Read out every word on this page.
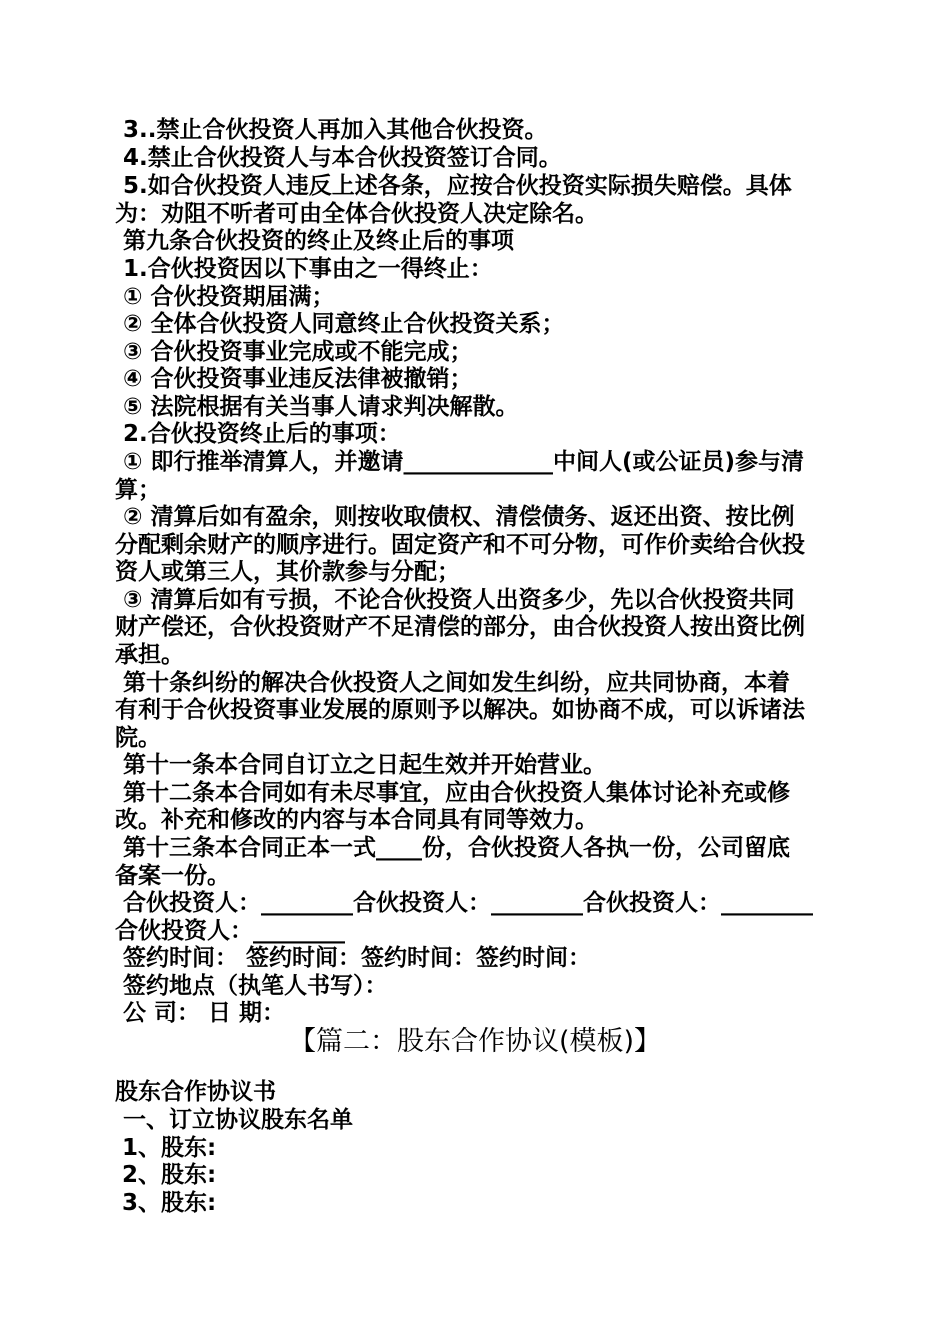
3..禁止合伙投资人再加入其他合伙投资。
4.禁止合伙投资人与本合伙投资签订合同。
5.如合伙投资人违反上述各条，应按合伙投资实际损失赔偿。具体
为：劝阻不听者可由全体合伙投资人决定除名。
第九条合伙投资的终止及终止后的事项
1.合伙投资因以下事由之一得终止：
① 合伙投资期届满；
② 全体合伙投资人同意终止合伙投资关系；
③ 合伙投资事业完成或不能完成；
④ 合伙投资事业违反法律被撤销；
⑤ 法院根据有关当事人请求判决解散。
2.合伙投资终止后的事项：
① 即行推举清算人，并邀请_____________中间人(或公证员)参与清
算；
② 清算后如有盈余，则按收取债权、清偿债务、返还出资、按比例
分配剩余财产的顺序进行。固定资产和不可分物，可作价卖给合伙投
资人或第三人，其价款参与分配；
③ 清算后如有亏损，不论合伙投资人出资多少，先以合伙投资共同
财产偿还，合伙投资财产不足清偿的部分，由合伙投资人按出资比例
承担。
第十条纠纷的解决合伙投资人之间如发生纠纷，应共同协商，本着
有利于合伙投资事业发展的原则予以解决。如协商不成，可以诉诸法
院。
第十一条本合同自订立之日起生效并开始营业。
第十二条本合同如有未尽事宜，应由合伙投资人集体讨论补充或修
改。补充和修改的内容与本合同具有同等效力。
第十三条本合同正本一式____份，合伙投资人各执一份，公司留底
备案一份。
合伙投资人：________合伙投资人：________合伙投资人：________
合伙投资人：________
签约时间： 签约时间：签约时间：签约时间：
签约地点（执笔人书写）：
公 司： 日 期：
【篇二：股东合作协议(模板)】
股东合作协议书
一、订立协议股东名单
1、股东:
2、股东:
3、股东:
